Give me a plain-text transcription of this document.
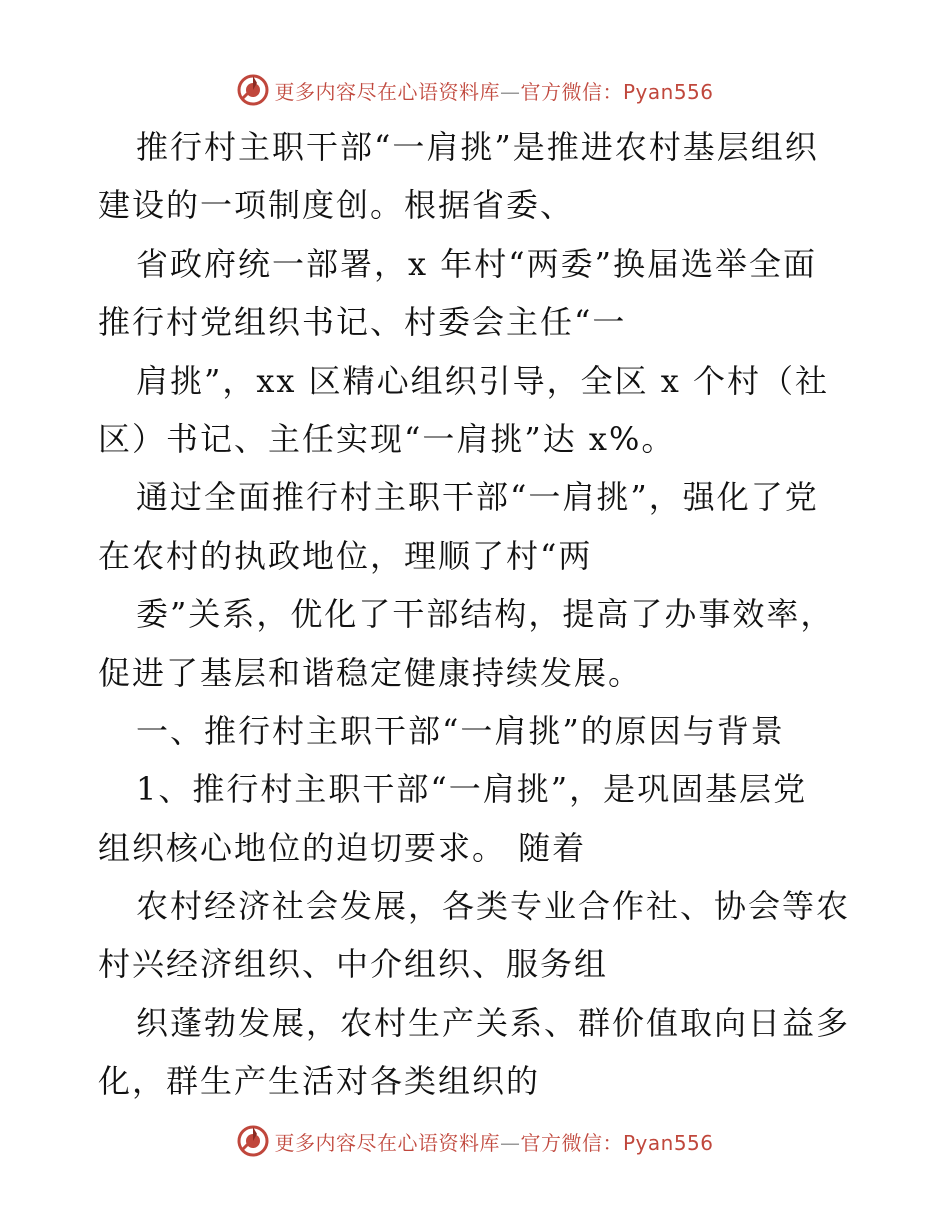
更多内容尽在心语资料库—官方微信：Pyan556
推行村主职干部“一肩挑”是推进农村基层组织
建设的一项制度创。根据省委、
省政府统一部署，x 年村“两委”换届选举全面
推行村党组织书记、村委会主任“一
肩挑”，xx 区精心组织引导，全区 x 个村（社
区）书记、主任实现“一肩挑”达 x%。
通过全面推行村主职干部“一肩挑”，强化了党
在农村的执政地位，理顺了村“两
委”关系，优化了干部结构，提高了办事效率，
促进了基层和谐稳定健康持续发展。
一、推行村主职干部“一肩挑”的原因与背景
1、推行村主职干部“一肩挑”，是巩固基层党
组织核心地位的迫切要求。 随着
农村经济社会发展，各类专业合作社、协会等农
村兴经济组织、中介组织、服务组
织蓬勃发展，农村生产关系、群价值取向日益多
化，群生产生活对各类组织的
更多内容尽在心语资料库—官方微信：Pyan556
